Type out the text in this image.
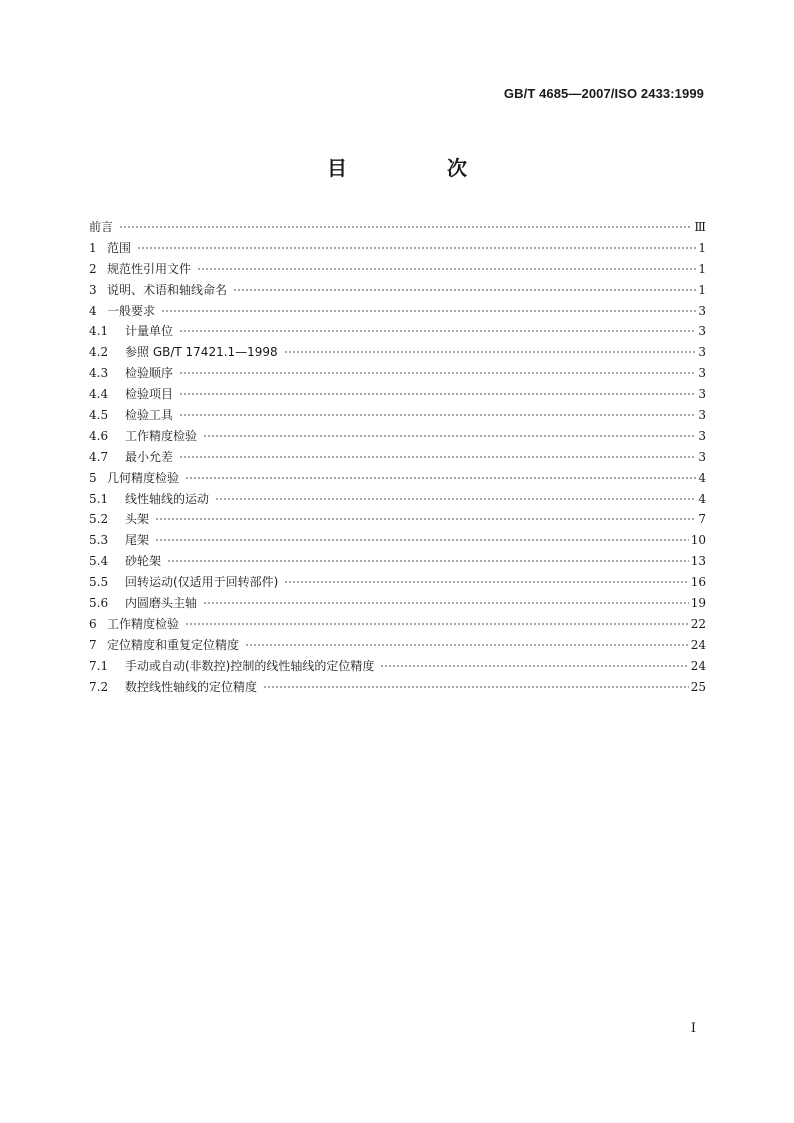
GB/T 4685—2007/ISO 2433:1999
目　次
前言	Ⅲ
1 范围	1
2 规范性引用文件	1
3 说明、术语和轴线命名	1
4 一般要求	3
4.1	计量单位	3
4.2	参照 GB/T 17421.1—1998	3
4.3	检验顺序	3
4.4	检验项目	3
4.5	检验工具	3
4.6	工作精度检验	3
4.7	最小允差	3
5 几何精度检验	4
5.1	线性轴线的运动	4
5.2	头架	7
5.3	尾架	10
5.4	砂轮架	13
5.5	回转运动(仅适用于回转部件)	16
5.6	内圆磨头主轴	19
6 工作精度检验	22
7 定位精度和重复定位精度	24
7.1	手动或自动(非数控)控制的线性轴线的定位精度	24
7.2	数控线性轴线的定位精度	25
I
